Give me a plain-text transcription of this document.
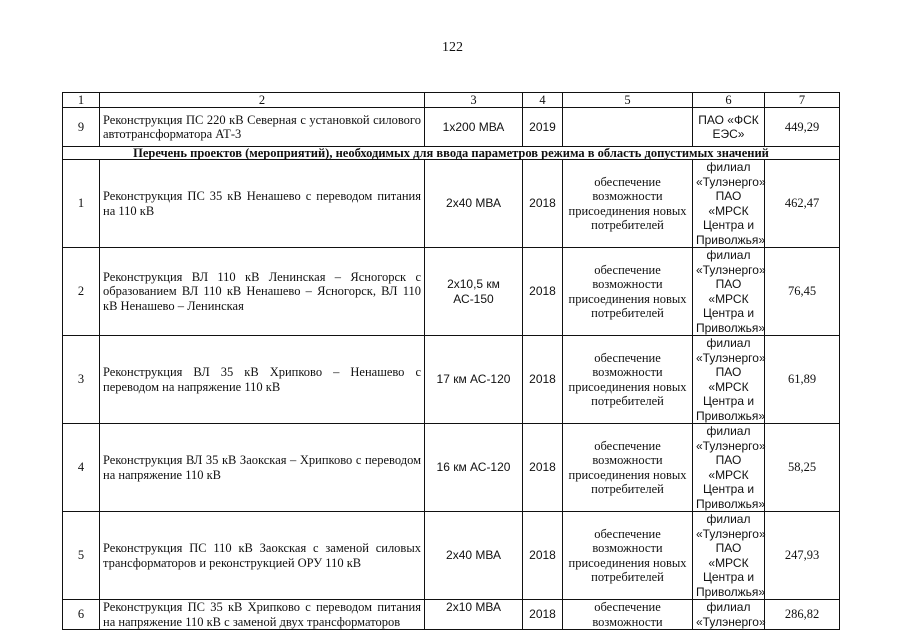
122
1	2	3	4	5	6	7
9	Реконструкция ПС 220 кВ Северная с установкой силового автотрансформатора АТ-3	1х200 МВА	2019		ПАО «ФСК ЕЭС»	449,29
Перечень проектов (мероприятий), необходимых для ввода параметров режима в область допустимых значений						
1	Реконструкция ПС 35 кВ Ненашево с переводом питания на 110 кВ	2х40 МВА	2018	обеспечение возможности присоединения новых потребителей	филиал «Тулэнерго» ПАО «МРСК Центра и Приволжья»	462,47
2	Реконструкция ВЛ 110 кВ Ленинская – Ясногорск с образованием ВЛ 110 кВ Ненашево – Ясногорск, ВЛ 110 кВ Ненашево – Ленинская	2х10,5 км АС-150	2018	обеспечение возможности присоединения новых потребителей	филиал «Тулэнерго» ПАО «МРСК Центра и Приволжья»	76,45
3	Реконструкция ВЛ 35 кВ Хрипково – Ненашево с переводом на напряжение 110 кВ	17 км АС-120	2018	обеспечение возможности присоединения новых потребителей	филиал «Тулэнерго» ПАО «МРСК Центра и Приволжья»	61,89
4	Реконструкция ВЛ 35 кВ Заокская – Хрипково с переводом на напряжение 110 кВ	16 км АС-120	2018	обеспечение возможности присоединения новых потребителей	филиал «Тулэнерго» ПАО «МРСК Центра и Приволжья»	58,25
5	Реконструкция ПС 110 кВ Заокская с заменой силовых трансформаторов и реконструкцией ОРУ 110 кВ	2х40 МВА	2018	обеспечение возможности присоединения новых потребителей	филиал «Тулэнерго» ПАО «МРСК Центра и Приволжья»	247,93
6	Реконструкция ПС 35 кВ Хрипково с переводом питания на напряжение 110 кВ с заменой двух трансформаторов	2х10 МВА	2018	обеспечение возможности	филиал «Тулэнерго»	286,82
